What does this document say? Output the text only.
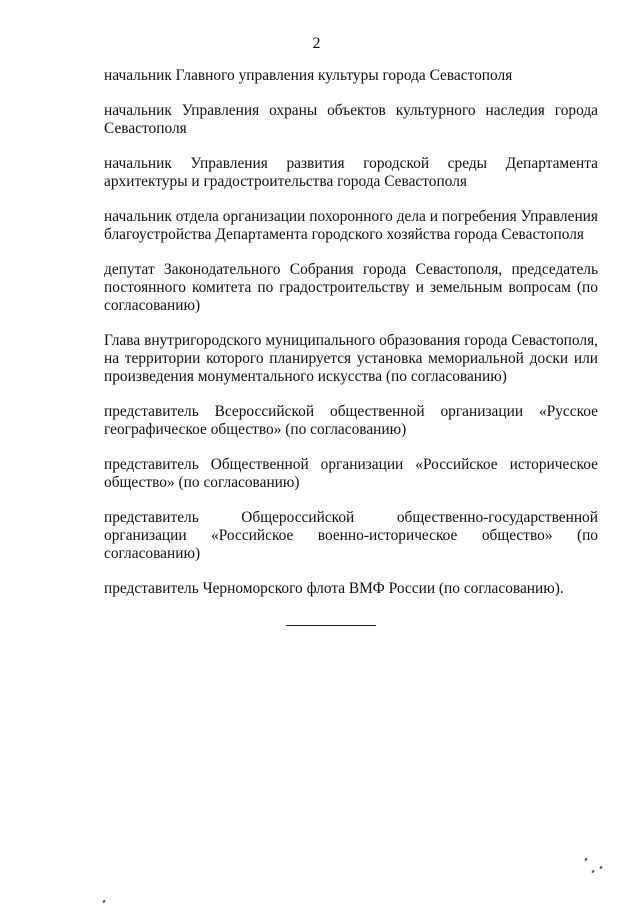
2

начальник Главного управления культуры города Севастополя

начальник Управления охраны объектов культурного наследия города Севастополя

начальник Управления развития городской среды Департамента архитектуры и градостроительства города Севастополя

начальник отдела организации похоронного дела и погребения Управления благоустройства Департамента городского хозяйства города Севастополя

депутат Законодательного Собрания города Севастополя, председатель постоянного комитета по градостроительству и земельным вопросам (по согласованию)

Глава внутригородского муниципального образования города Севастополя, на территории которого планируется установка мемориальной доски или произведения монументального искусства (по согласованию)

представитель Всероссийской общественной организации «Русское географическое общество» (по согласованию)

представитель Общественной организации «Российское историческое общество» (по согласованию)

представитель Общероссийской общественно-государственной организации «Российское военно-историческое общество» (по согласованию)

представитель Черноморского флота ВМФ России (по согласованию).
